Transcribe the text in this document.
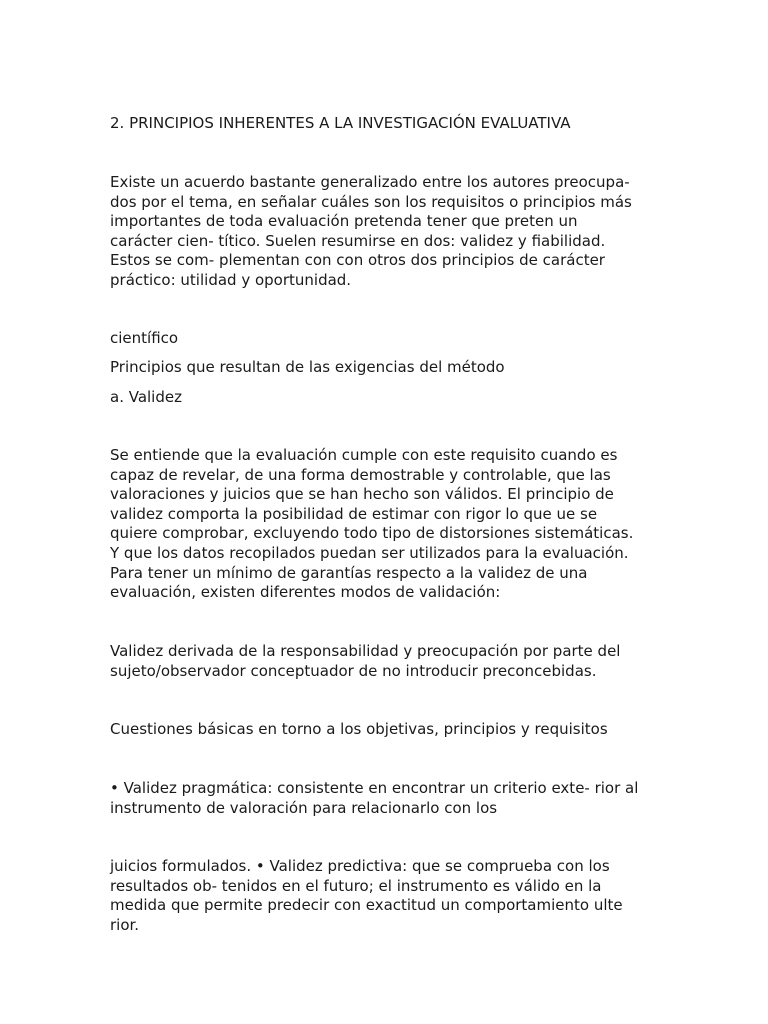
2. PRINCIPIOS INHERENTES A LA INVESTIGACIÓN EVALUATIVA

Existe un acuerdo bastante generalizado entre los autores preocupa-
dos por el tema, en señalar cuáles son los requisitos o principios más
importantes de toda evaluación pretenda tener que preten un
carácter cien- títico. Suelen resumirse en dos: validez y fiabilidad.
Estos se com- plementan con con otros dos principios de carácter
práctico: utilidad y oportunidad.

científico

Principios que resultan de las exigencias del método

a. Validez

Se entiende que la evaluación cumple con este requisito cuando es
capaz de revelar, de una forma demostrable y controlable, que las
valoraciones y juicios que se han hecho son válidos. El principio de
validez comporta la posibilidad de estimar con rigor lo que ue se
quiere comprobar, excluyendo todo tipo de distorsiones sistemáticas.
Y que los datos recopilados puedan ser utilizados para la evaluación.
Para tener un mínimo de garantías respecto a la validez de una
evaluación, existen diferentes modos de validación:

Validez derivada de la responsabilidad y preocupación por parte del
sujeto/observador conceptuador de no introducir preconcebidas.

Cuestiones básicas en torno a los objetivas, principios y requisitos

• Validez pragmática: consistente en encontrar un criterio exte- rior al
instrumento de valoración para relacionarlo con los

juicios formulados. • Validez predictiva: que se comprueba con los
resultados ob- tenidos en el futuro; el instrumento es válido en la
medida que permite predecir con exactitud un comportamiento ulte
rior.
